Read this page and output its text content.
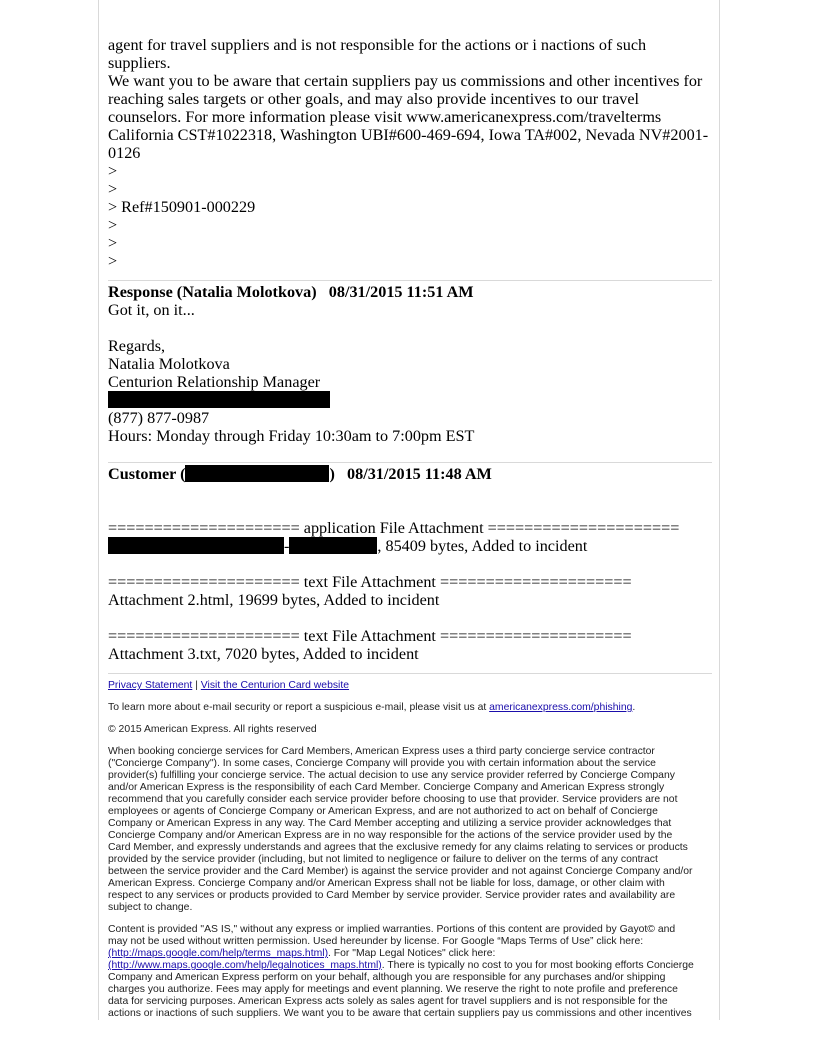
agent for travel suppliers and is not responsible for the actions or i nactions of such suppliers.
We want you to be aware that certain suppliers pay us commissions and other incentives for
reaching sales targets or other goals, and may also provide incentives to our travel
counselors. For more information please visit www.americanexpress.com/travelterms
California CST#1022318, Washington UBI#600-469-694, Iowa TA#002, Nevada NV#2001-
0126
>
>
> Ref#150901-000229
>
>
>
Response (Natalia Molotkova)   08/31/2015 11:51 AM
Got it, on it...

Regards,
Natalia Molotkova
Centurion Relationship Manager
(877) 877-0987
Hours: Monday through Friday 10:30am to 7:00pm EST
Customer (	)   08/31/2015 11:48 AM

===================== application File Attachment =====================
-	, 85409 bytes, Added to incident

===================== text File Attachment =====================
Attachment 2.html, 19699 bytes, Added to incident

===================== text File Attachment =====================
Attachment 3.txt, 7020 bytes, Added to incident

Privacy Statement | Visit the Centurion Card website

To learn more about e-mail security or report a suspicious e-mail, please visit us at americanexpress.com/phishing.

© 2015 American Express. All rights reserved

When booking concierge services for Card Members, American Express uses a third party concierge service contractor
("Concierge Company"). In some cases, Concierge Company will provide you with certain information about the service
provider(s) fulfilling your concierge service. The actual decision to use any service provider referred by Concierge Company
and/or American Express is the responsibility of each Card Member. Concierge Company and American Express strongly
recommend that you carefully consider each service provider before choosing to use that provider. Service providers are not
employees or agents of Concierge Company or American Express, and are not authorized to act on behalf of Concierge
Company or American Express in any way. The Card Member accepting and utilizing a service provider acknowledges that
Concierge Company and/or American Express are in no way responsible for the actions of the service provider used by the
Card Member, and expressly understands and agrees that the exclusive remedy for any claims relating to services or products
provided by the service provider (including, but not limited to negligence or failure to deliver on the terms of any contract
between the service provider and the Card Member) is against the service provider and not against Concierge Company and/or
American Express. Concierge Company and/or American Express shall not be liable for loss, damage, or other claim with
respect to any services or products provided to Card Member by service provider. Service provider rates and availability are
subject to change.

Content is provided "AS IS," without any express or implied warranties. Portions of this content are provided by Gayot© and
may not be used without written permission. Used hereunder by license. For Google “Maps Terms of Use” click here:
(http://maps.google.com/help/terms_maps.html). For "Map Legal Notices" click here:
(http://www.maps.google.com/help/legalnotices_maps.html). There is typically no cost to you for most booking efforts Concierge
Company and American Express perform on your behalf, although you are responsible for any purchases and/or shipping
charges you authorize. Fees may apply for meetings and event planning. We reserve the right to note profile and preference
data for servicing purposes. American Express acts solely as sales agent for travel suppliers and is not responsible for the
actions or inactions of such suppliers. We want you to be aware that certain suppliers pay us commissions and other incentives
